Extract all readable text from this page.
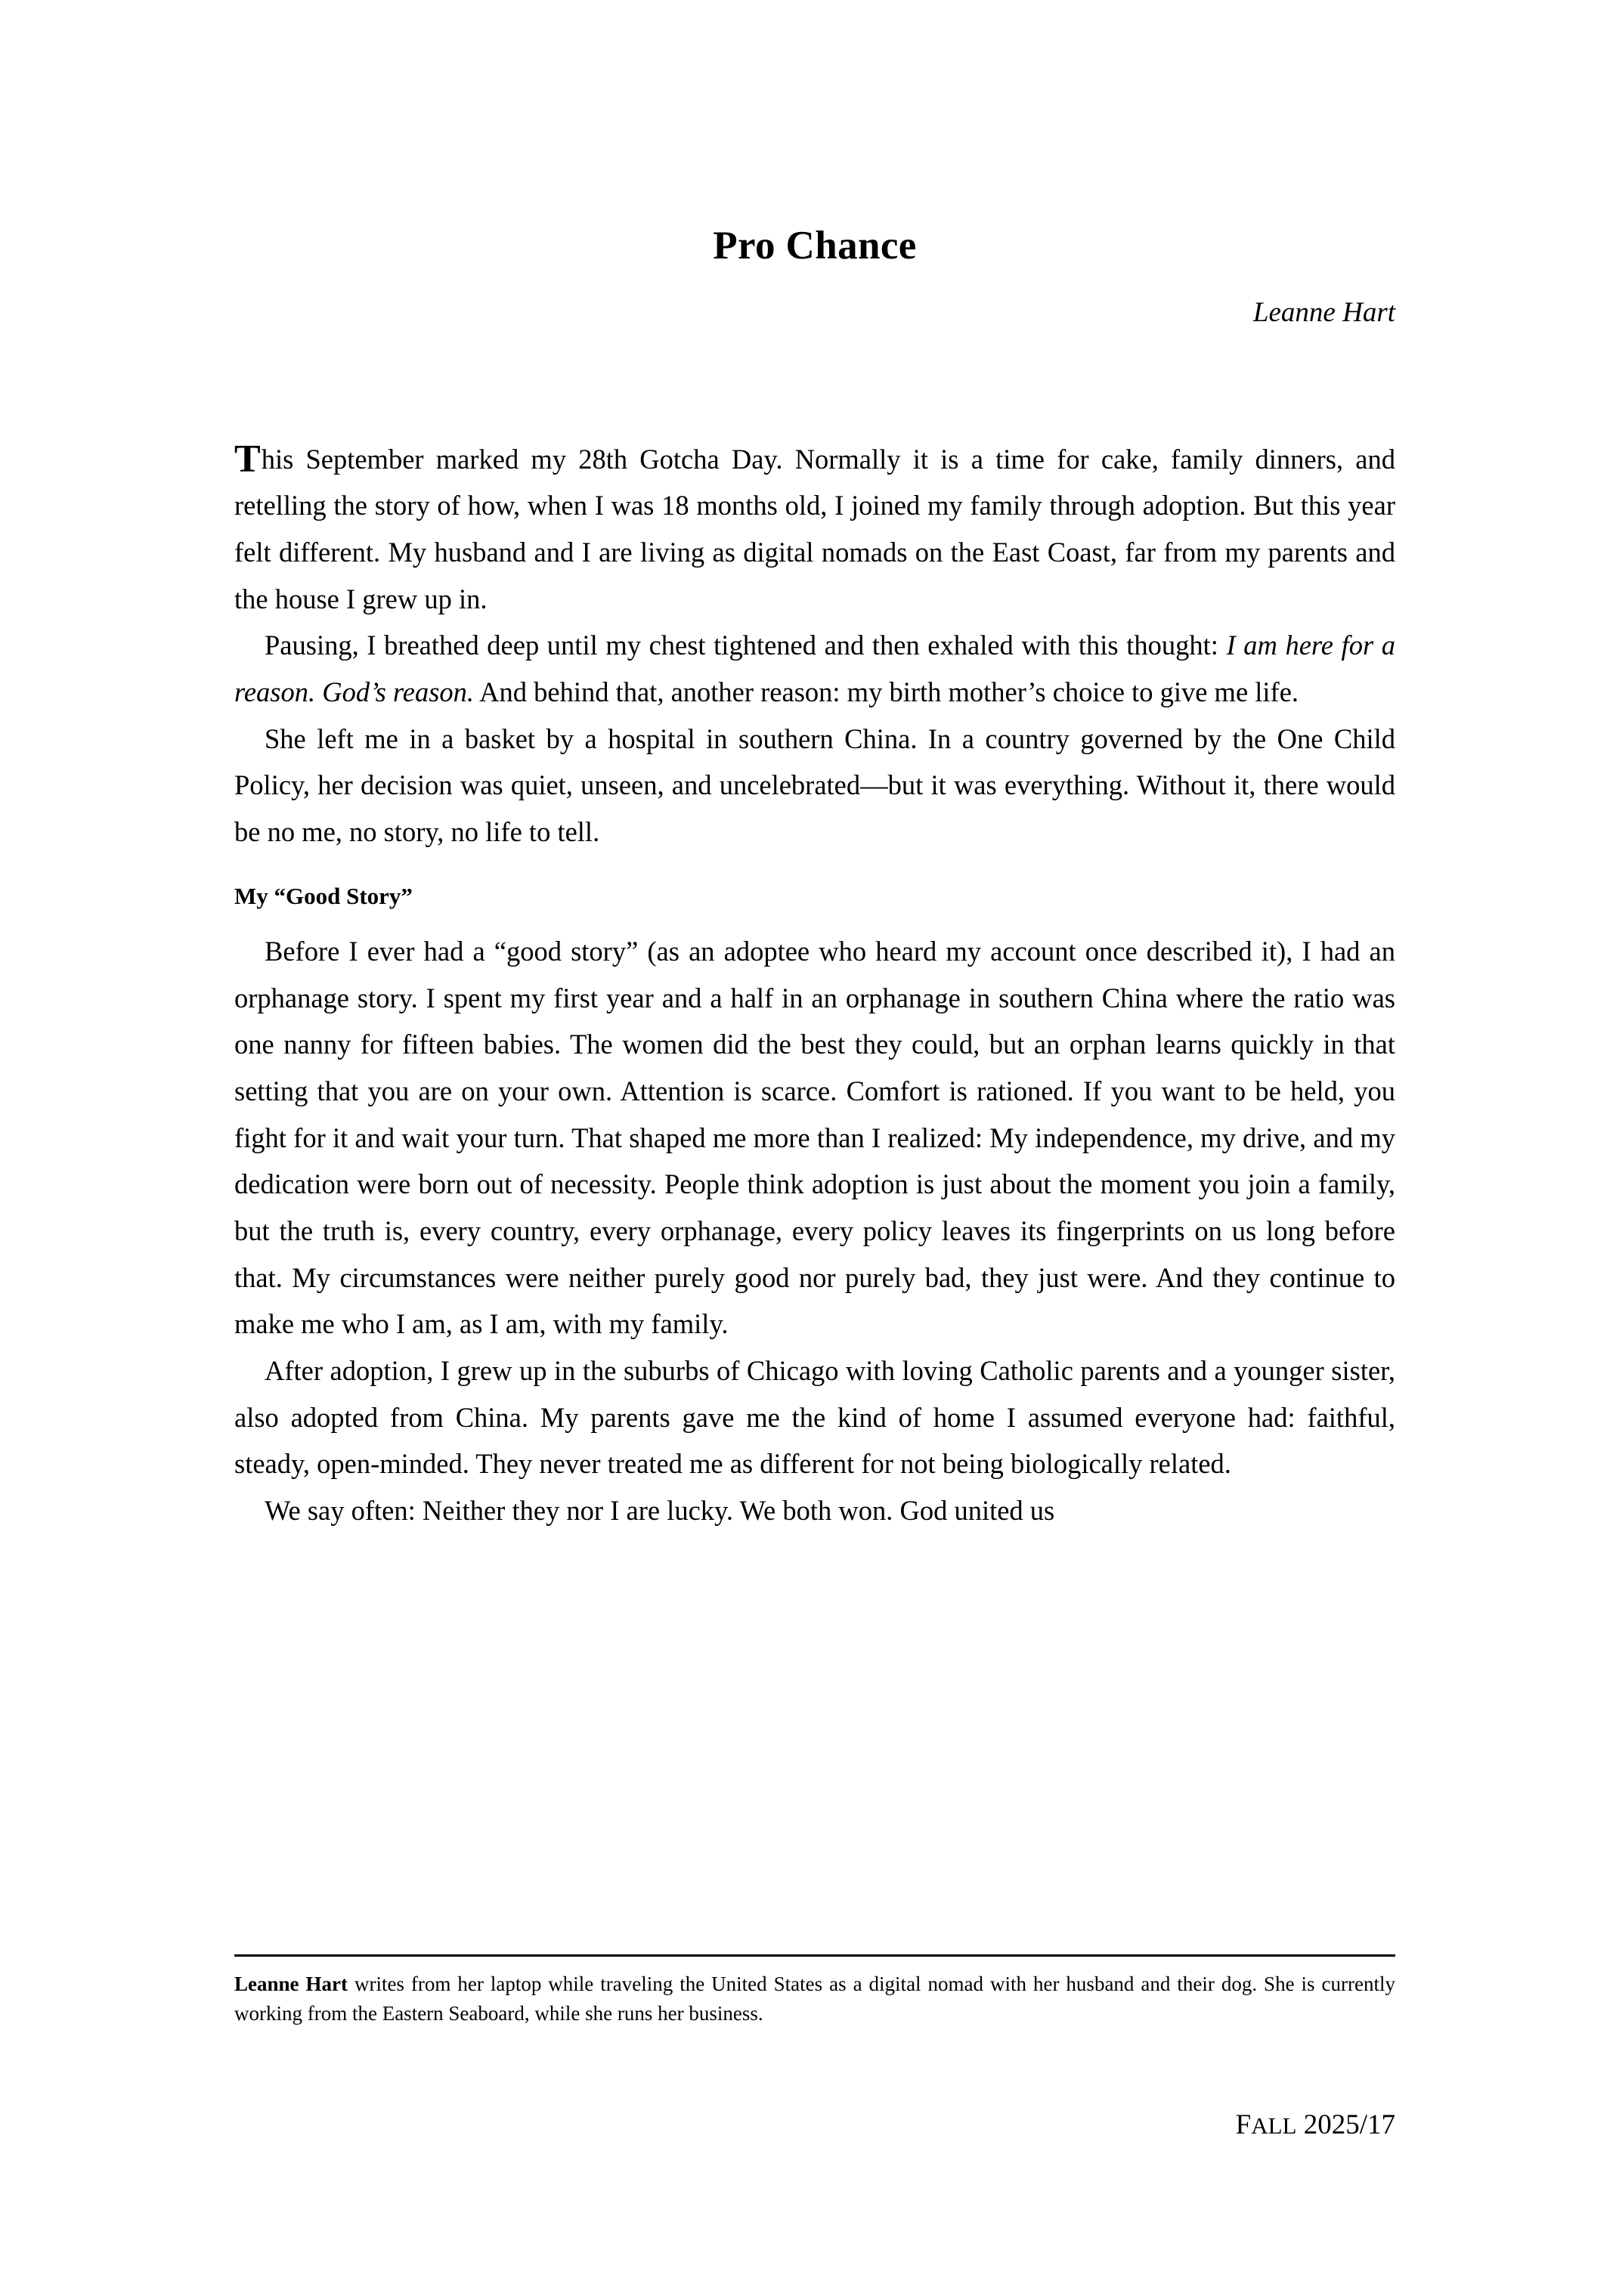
Pro Chance

Leanne Hart

This September marked my 28th Gotcha Day. Normally it is a time for cake, family dinners, and retelling the story of how, when I was 18 months old, I joined my family through adoption. But this year felt different. My husband and I are living as digital nomads on the East Coast, far from my parents and the house I grew up in.

Pausing, I breathed deep until my chest tightened and then exhaled with this thought: I am here for a reason. God’s reason. And behind that, another reason: my birth mother’s choice to give me life.

She left me in a basket by a hospital in southern China. In a country governed by the One Child Policy, her decision was quiet, unseen, and uncelebrated—but it was everything. Without it, there would be no me, no story, no life to tell.

My “Good Story”

Before I ever had a “good story” (as an adoptee who heard my account once described it), I had an orphanage story. I spent my first year and a half in an orphanage in southern China where the ratio was one nanny for fifteen babies. The women did the best they could, but an orphan learns quickly in that setting that you are on your own. Attention is scarce. Comfort is rationed. If you want to be held, you fight for it and wait your turn. That shaped me more than I realized: My independence, my drive, and my dedication were born out of necessity. People think adoption is just about the moment you join a family, but the truth is, every country, every orphanage, every policy leaves its fingerprints on us long before that. My circumstances were neither purely good nor purely bad, they just were. And they continue to make me who I am, as I am, with my family.

After adoption, I grew up in the suburbs of Chicago with loving Catholic parents and a younger sister, also adopted from China. My parents gave me the kind of home I assumed everyone had: faithful, steady, open-minded. They never treated me as different for not being biologically related.

We say often: Neither they nor I are lucky. We both won. God united us

Leanne Hart writes from her laptop while traveling the United States as a digital nomad with her husband and their dog. She is currently working from the Eastern Seaboard, while she runs her business.

FALL 2025/17
